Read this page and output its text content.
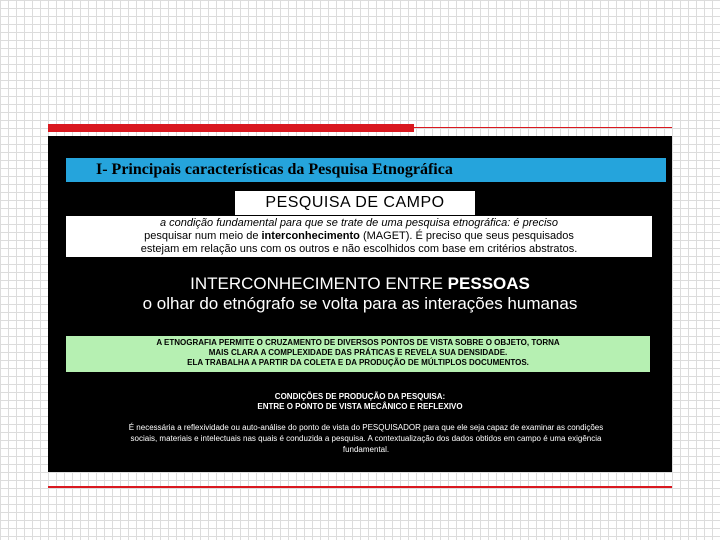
I- Principais características da Pesquisa Etnográfica
PESQUISA DE CAMPO
a condição fundamental para que se trate de uma pesquisa etnográfica: é preciso
pesquisar num meio de interconhecimento (MAGET). É preciso que seus pesquisados
estejam em relação uns com os outros e não escolhidos com base em critérios abstratos.
INTERCONHECIMENTO ENTRE PESSOAS
o olhar do etnógrafo se volta para as interações humanas
A ETNOGRAFIA PERMITE O CRUZAMENTO DE DIVERSOS PONTOS DE VISTA SOBRE O OBJETO, TORNA
MAIS CLARA A COMPLEXIDADE DAS PRÁTICAS E REVELA SUA DENSIDADE.
ELA TRABALHA A PARTIR DA COLETA E DA PRODUÇÃO DE MÚLTIPLOS DOCUMENTOS.
CONDIÇÕES DE PRODUÇÃO DA PESQUISA:
ENTRE O PONTO DE VISTA MECÂNICO E REFLEXIVO
É necessária a reflexividade ou auto-análise do ponto de vista do PESQUISADOR para que ele seja capaz de examinar as condições sociais, materiais e intelectuais nas quais é conduzida a pesquisa. A contextualização dos dados obtidos em campo é uma exigência fundamental.
